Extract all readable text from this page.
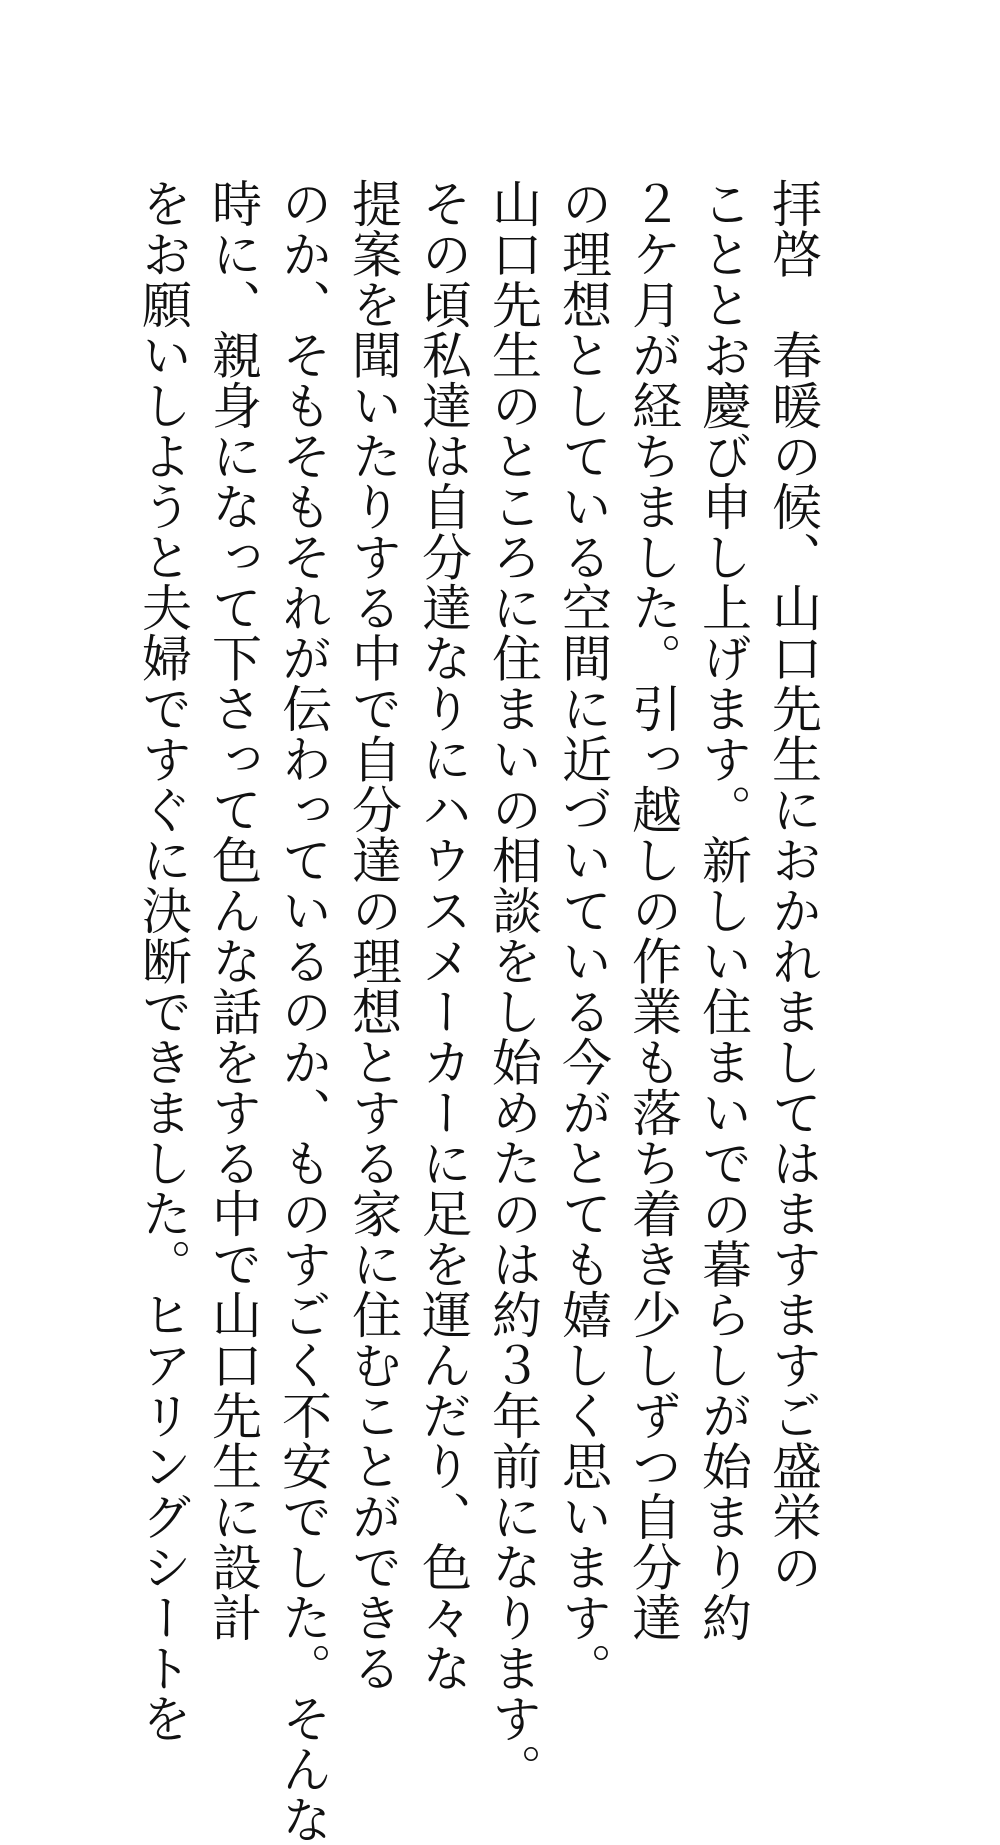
拝啓　春暖の候、山口先生におかれましてはますますご盛栄の
こととお慶び申し上げます。新しい住まいでの暮らしが始まり約
２ケ月が経ちました。引っ越しの作業も落ち着き少しずつ自分達
の理想としている空間に近づいている今がとても嬉しく思います。
山口先生のところに住まいの相談をし始めたのは約３年前になります。
その頃私達は自分達なりにハウスメーカーに足を運んだり、色々な
提案を聞いたりする中で自分達の理想とする家に住むことができる
のか、そもそもそれが伝わっているのか、ものすごく不安でした。そんな
時に、親身になって下さって色んな話をする中で山口先生に設計
をお願いしようと夫婦ですぐに決断できました。ヒアリングシートを
